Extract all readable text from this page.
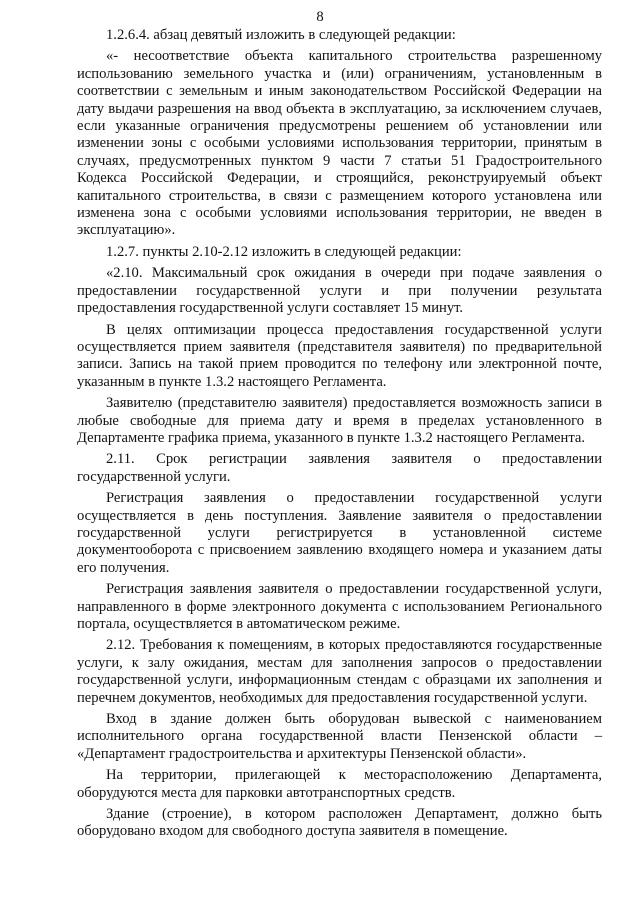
8

1.2.6.4. абзац девятый изложить в следующей редакции:

«- несоответствие объекта капитального строительства разрешенному использованию земельного участка и (или) ограничениям, установленным в соответствии с земельным и иным законодательством Российской Федерации на дату выдачи разрешения на ввод объекта в эксплуатацию, за исключением случаев, если указанные ограничения предусмотрены решением об установлении или изменении зоны с особыми условиями использования территории, принятым в случаях, предусмотренных пунктом 9 части 7 статьи 51 Градостроительного Кодекса Российской Федерации, и строящийся, реконструируемый объект капитального строительства, в связи с размещением которого установлена или изменена зона с особыми условиями использования территории, не введен в эксплуатацию».

1.2.7. пункты 2.10-2.12 изложить в следующей редакции:

«2.10. Максимальный срок ожидания в очереди при подаче заявления о предоставлении государственной услуги и при получении результата предоставления государственной услуги составляет 15 минут.

В целях оптимизации процесса предоставления государственной услуги осуществляется прием заявителя (представителя заявителя) по предварительной записи. Запись на такой прием проводится по телефону или электронной почте, указанным в пункте 1.3.2 настоящего Регламента.

Заявителю (представителю заявителя) предоставляется возможность записи в любые свободные для приема дату и время в пределах установленного в Департаменте графика приема, указанного в пункте 1.3.2 настоящего Регламента.

2.11. Срок регистрации заявления заявителя о предоставлении государственной услуги.

Регистрация заявления о предоставлении государственной услуги осуществляется в день поступления. Заявление заявителя о предоставлении государственной услуги регистрируется в установленной системе документооборота с присвоением заявлению входящего номера и указанием даты его получения.

Регистрация заявления заявителя о предоставлении государственной услуги, направленного в форме электронного документа с использованием Регионального портала, осуществляется в автоматическом режиме.

2.12. Требования к помещениям, в которых предоставляются государственные услуги, к залу ожидания, местам для заполнения запросов о предоставлении государственной услуги, информационным стендам с образцами их заполнения и перечнем документов, необходимых для предоставления государственной услуги.

Вход в здание должен быть оборудован вывеской с наименованием исполнительного органа государственной власти Пензенской области – «Департамент градостроительства и архитектуры Пензенской области».

На территории, прилегающей к месторасположению Департамента, оборудуются места для парковки автотранспортных средств.

Здание (строение), в котором расположен Департамент, должно быть оборудовано входом для свободного доступа заявителя в помещение.
